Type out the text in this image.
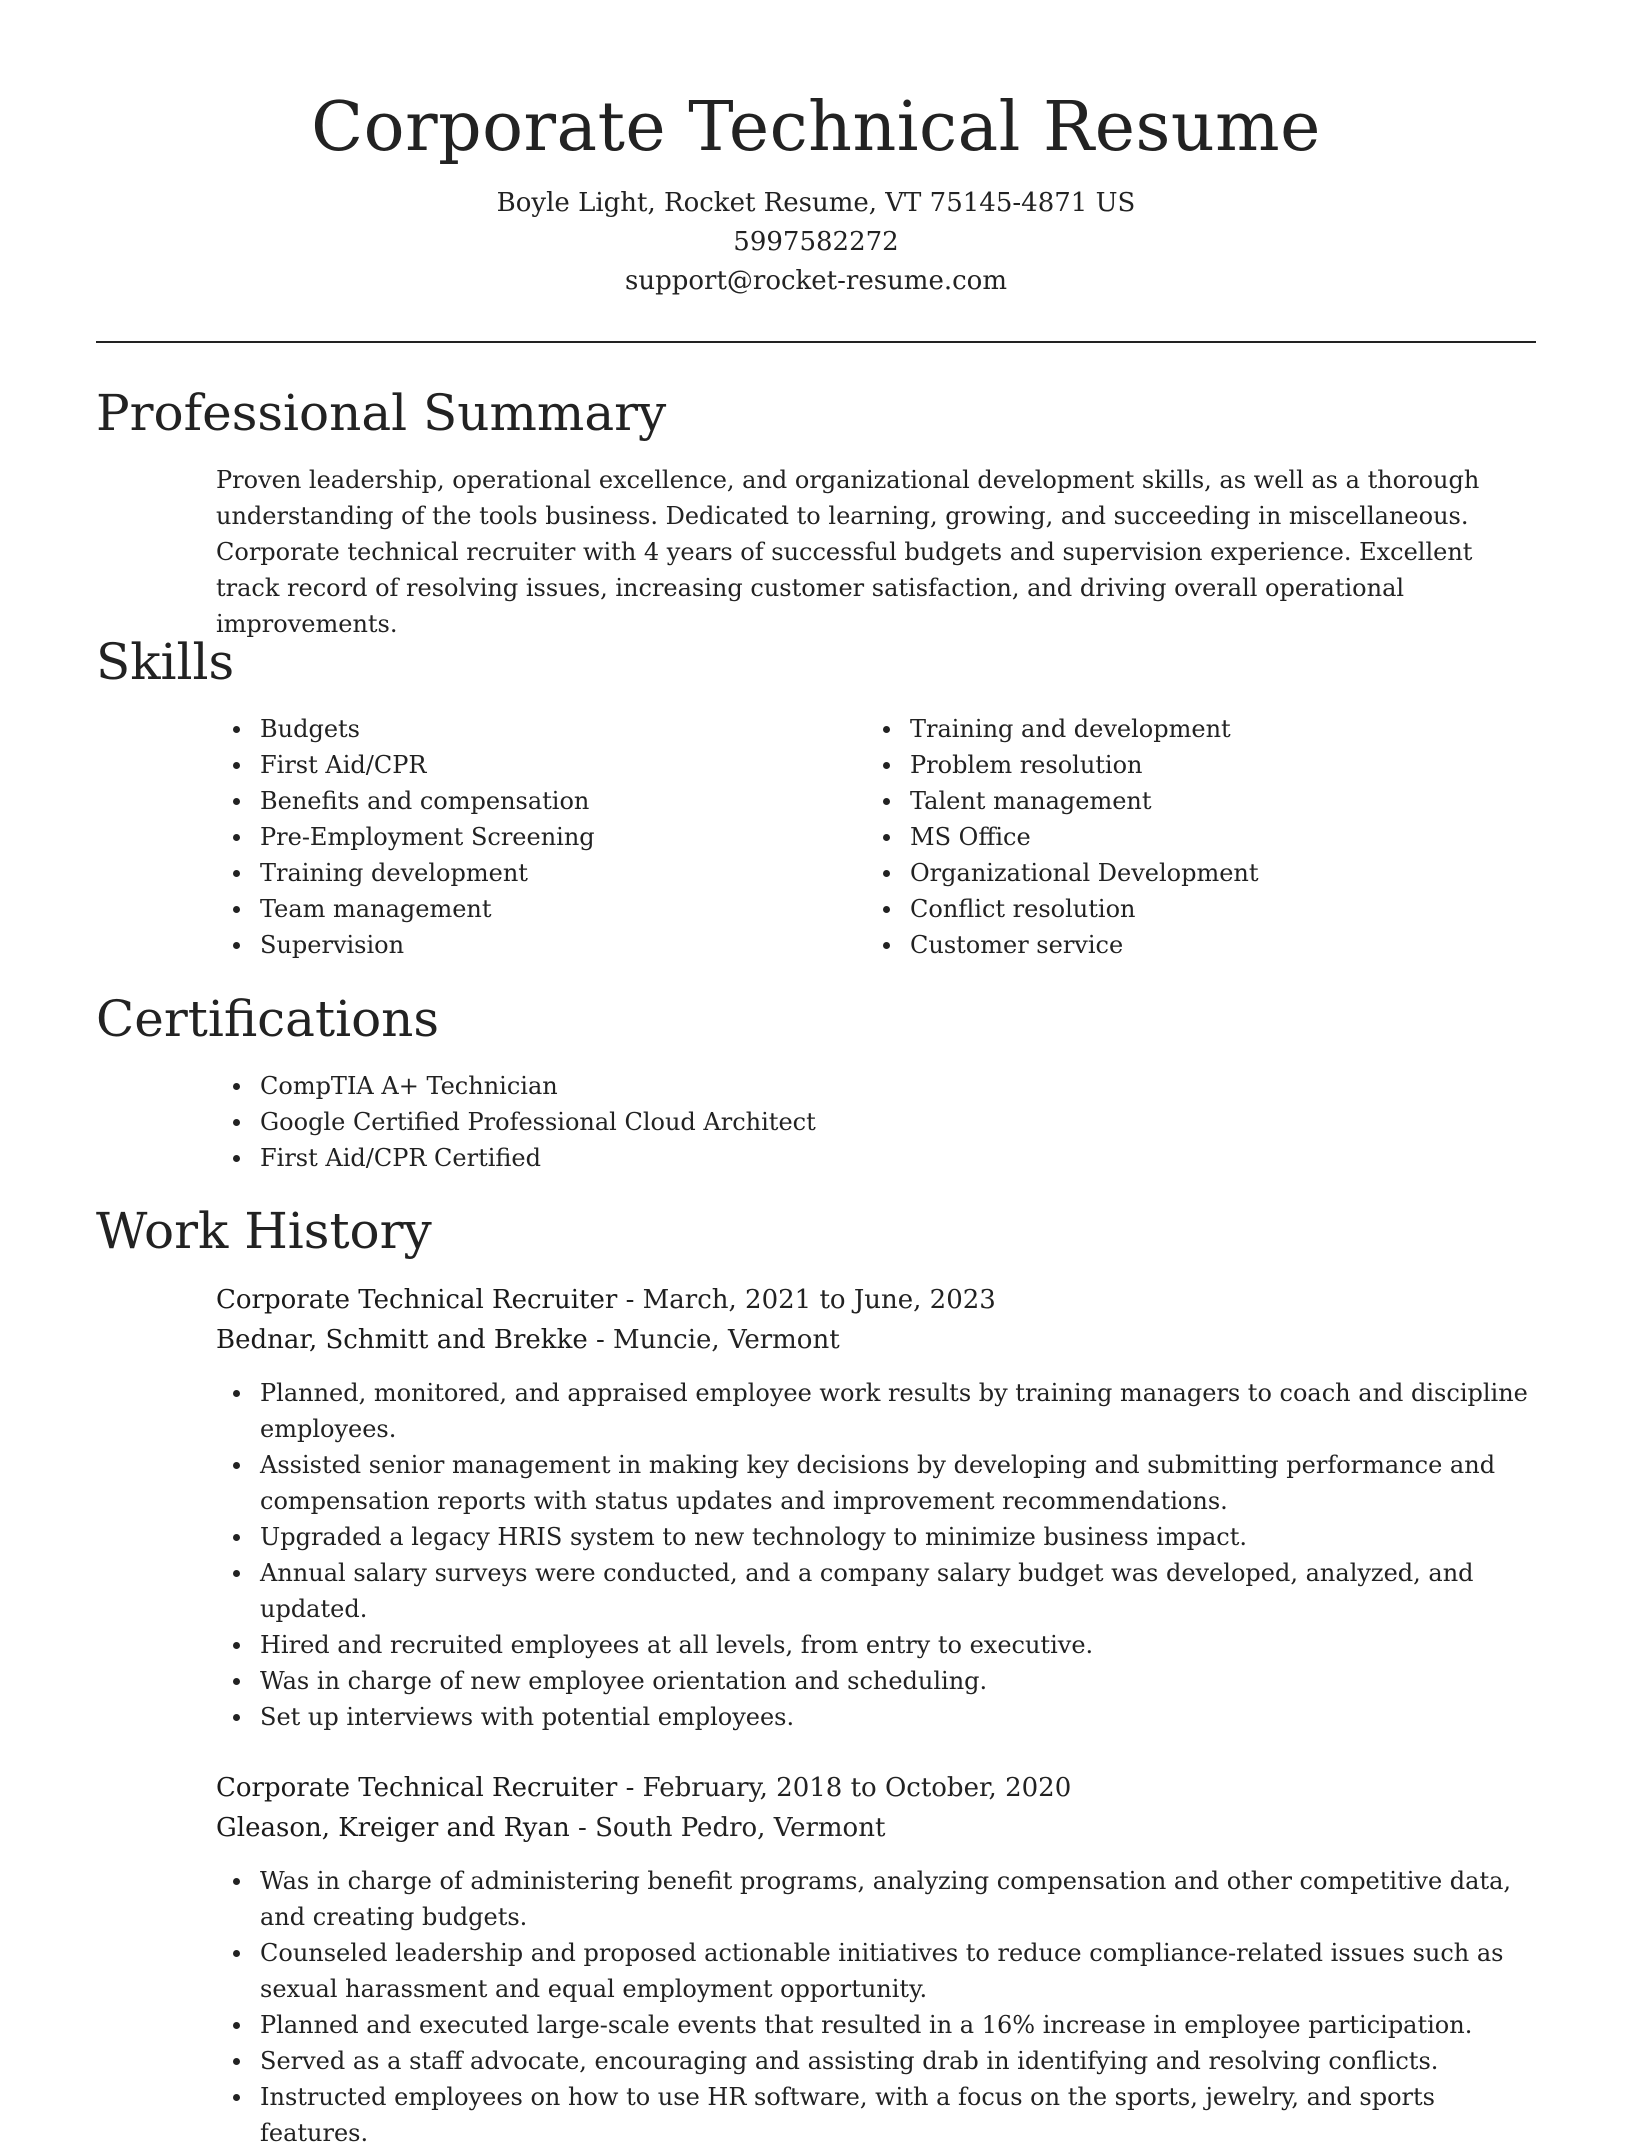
Corporate Technical Resume
Boyle Light, Rocket Resume, VT 75145-4871 US
5997582272
support@rocket-resume.com
Professional Summary

Proven leadership, operational excellence, and organizational development skills, as well as a thorough understanding of the tools business. Dedicated to learning, growing, and succeeding in miscellaneous. Corporate technical recruiter with 4 years of successful budgets and supervision experience. Excellent track record of resolving issues, increasing customer satisfaction, and driving overall operational improvements.

Skills
Budgets
First Aid/CPR
Benefits and compensation
Pre-Employment Screening
Training development
Team management
Supervision
Training and development
Problem resolution
Talent management
MS Office
Organizational Development
Conflict resolution
Customer service
Certifications
CompTIA A+ Technician
Google Certified Professional Cloud Architect
First Aid/CPR Certified
Work History
Corporate Technical Recruiter - March, 2021 to June, 2023
Bednar, Schmitt and Brekke - Muncie, Vermont
Planned, monitored, and appraised employee work results by training managers to coach and discipline employees.
Assisted senior management in making key decisions by developing and submitting performance and compensation reports with status updates and improvement recommendations.
Upgraded a legacy HRIS system to new technology to minimize business impact.
Annual salary surveys were conducted, and a company salary budget was developed, analyzed, and updated.
Hired and recruited employees at all levels, from entry to executive.
Was in charge of new employee orientation and scheduling.
Set up interviews with potential employees.
Corporate Technical Recruiter - February, 2018 to October, 2020
Gleason, Kreiger and Ryan - South Pedro, Vermont
Was in charge of administering benefit programs, analyzing compensation and other competitive data, and creating budgets.
Counseled leadership and proposed actionable initiatives to reduce compliance-related issues such as sexual harassment and equal employment opportunity.
Planned and executed large-scale events that resulted in a 16% increase in employee participation.
Served as a staff advocate, encouraging and assisting drab in identifying and resolving conflicts.
Instructed employees on how to use HR software, with a focus on the sports, jewelry, and sports features.
